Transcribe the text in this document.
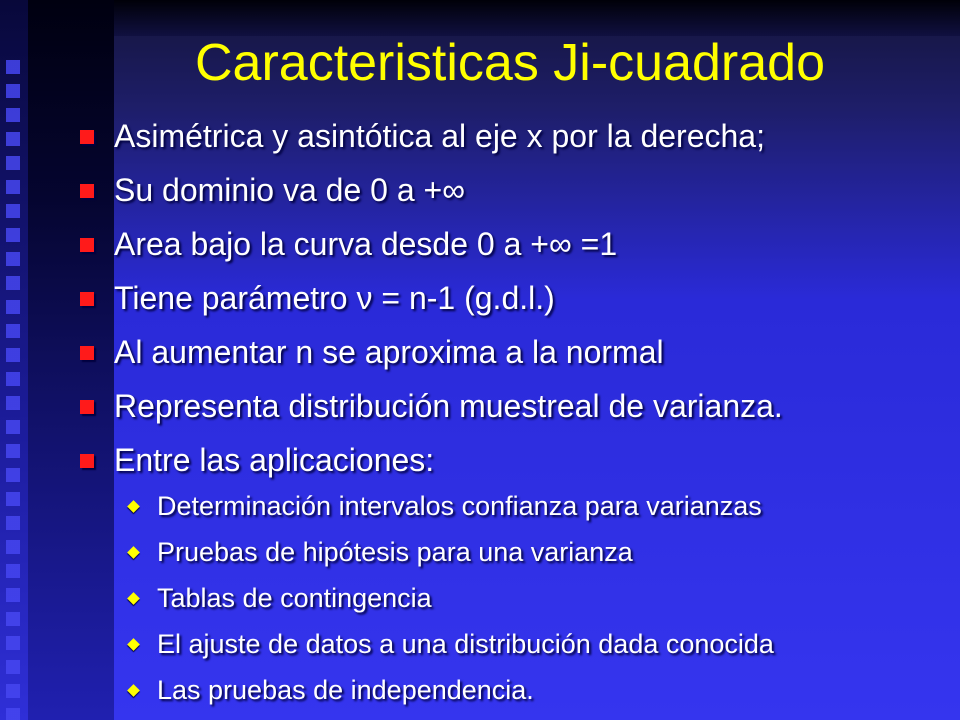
Caracteristicas Ji-cuadrado
Asimétrica y asintótica al eje x por la derecha;
Su dominio va de 0 a +∞
Area bajo la curva desde 0 a +∞ =1
Tiene parámetro ν = n-1 (g.d.l.)
Al aumentar n se aproxima a la normal
Representa distribución muestreal de varianza.
Entre las aplicaciones:
Determinación intervalos confianza para varianzas
Pruebas de hipótesis para una varianza
Tablas de contingencia
El ajuste de datos a una distribución dada conocida
Las pruebas de independencia.
